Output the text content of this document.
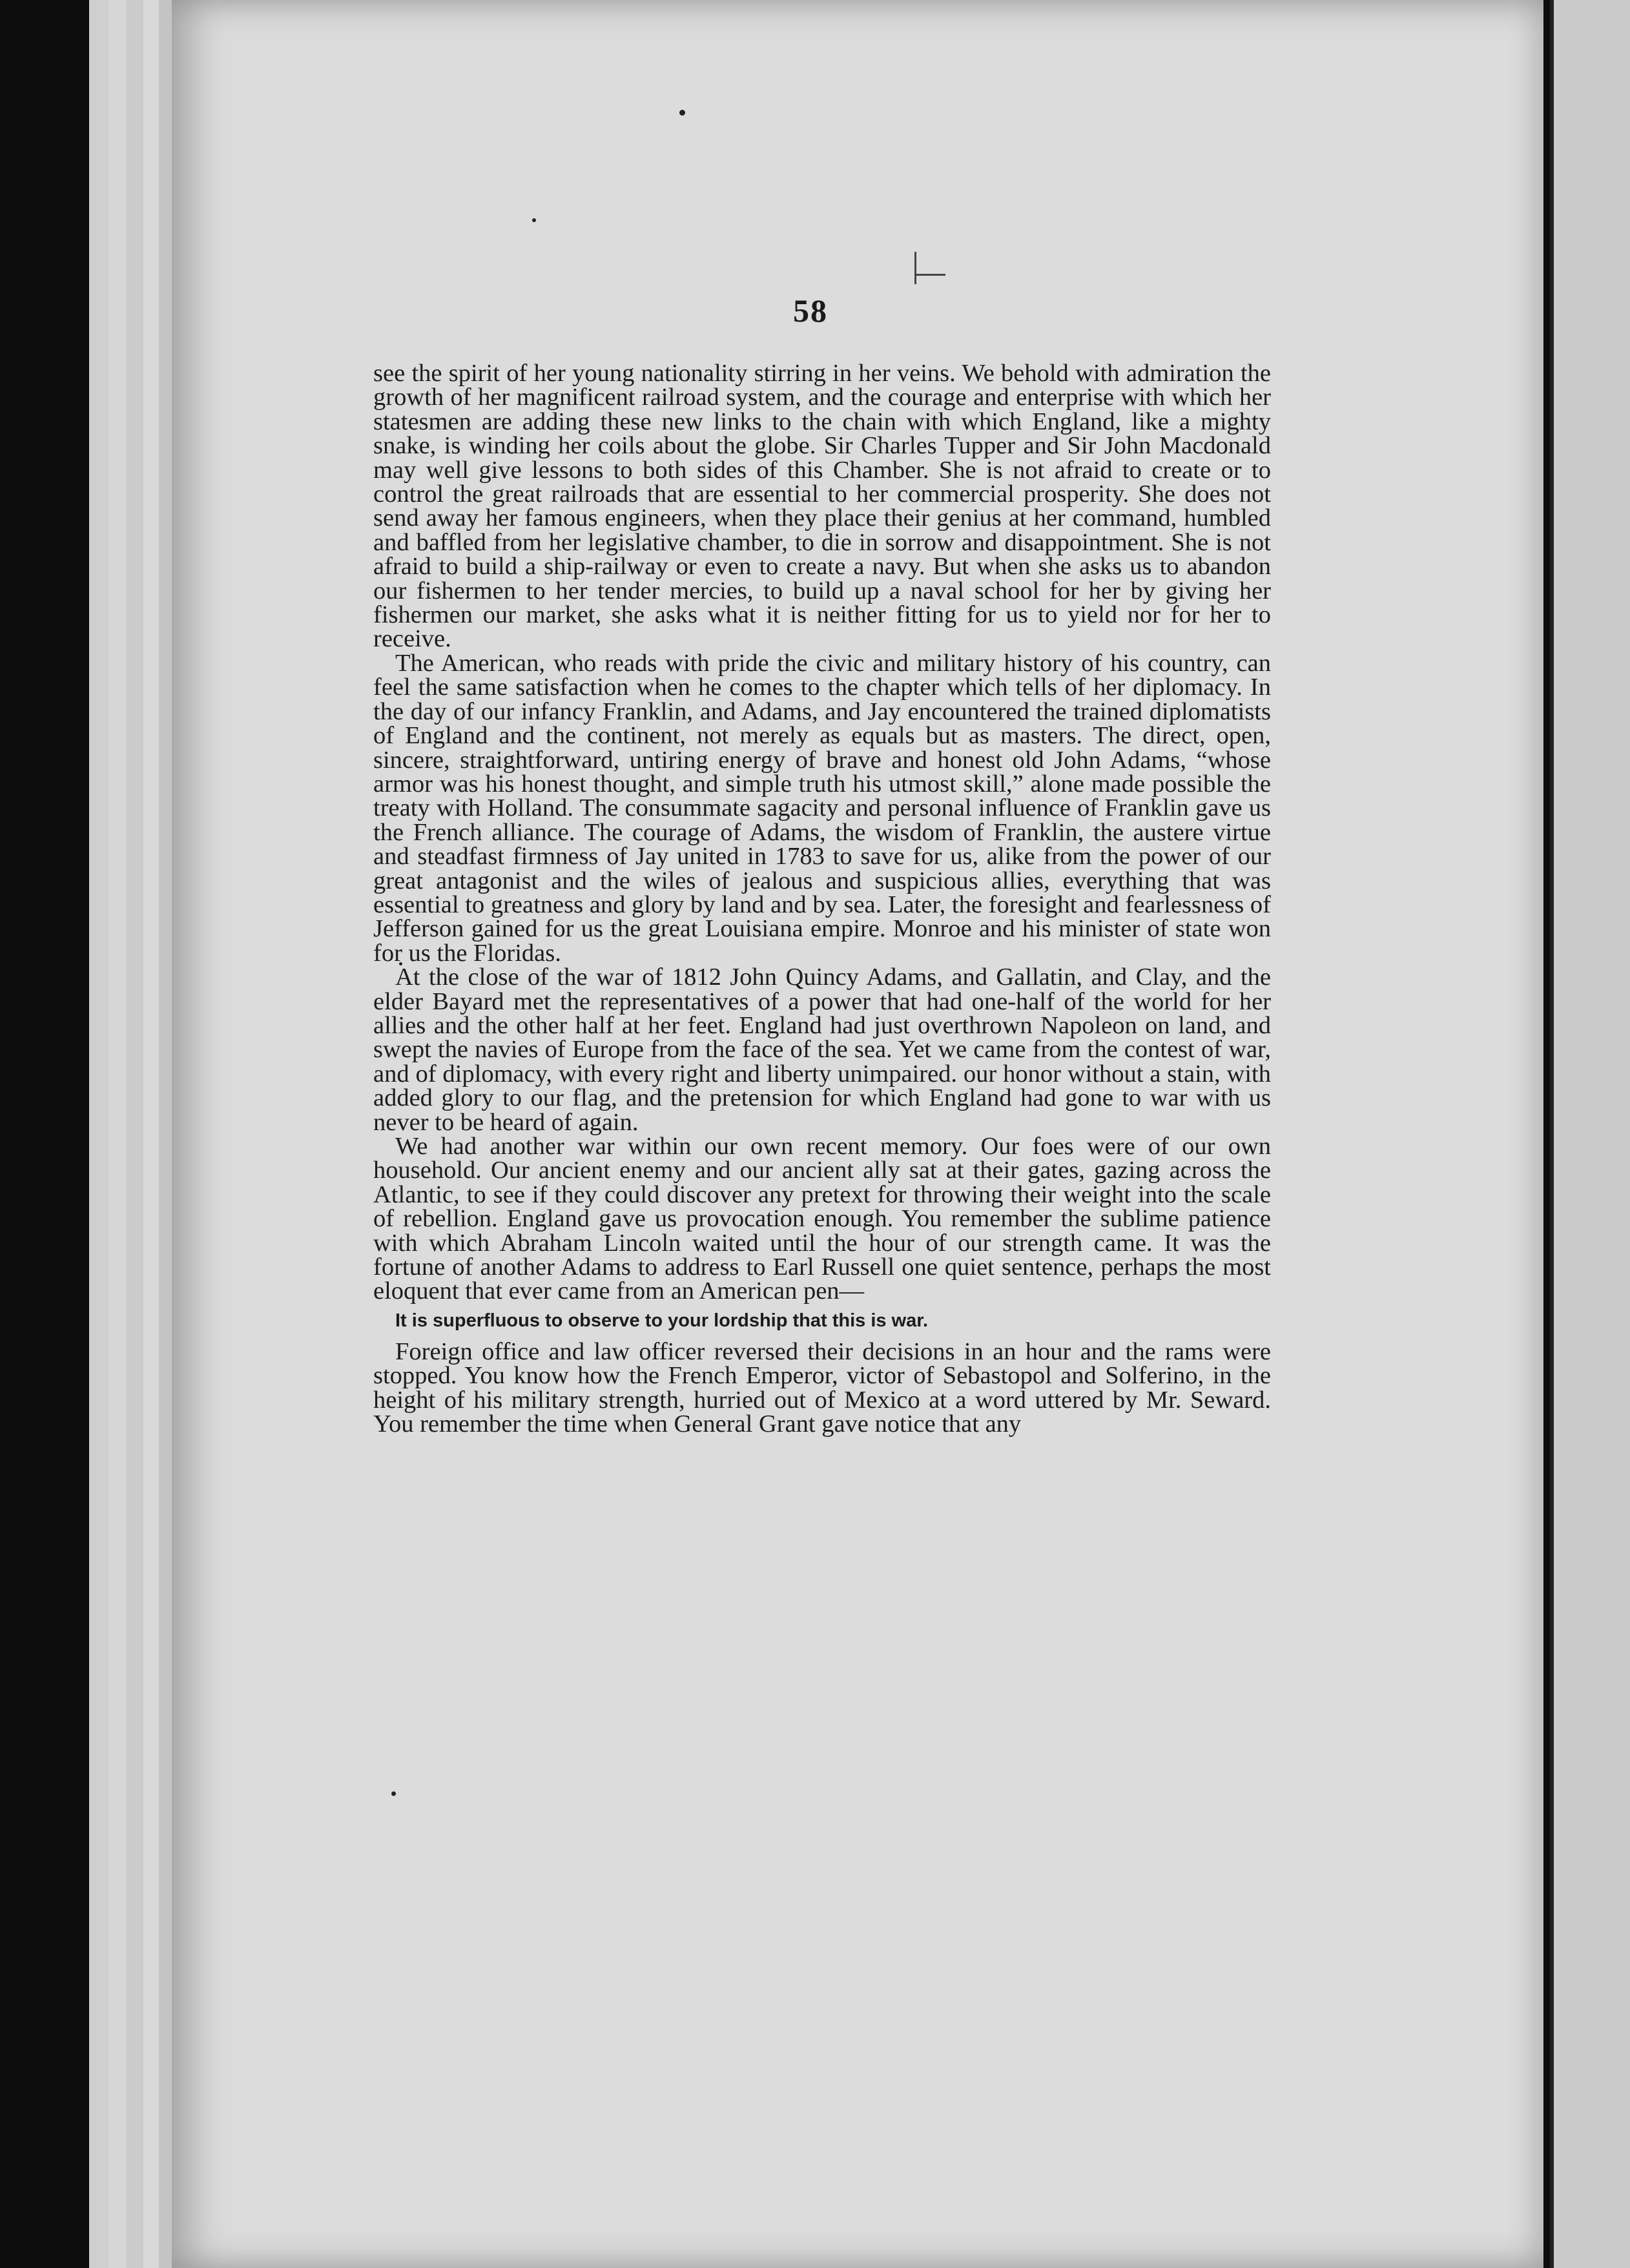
58

see the spirit of her young nationality stirring in her veins. We behold with admiration the growth of her magnificent railroad system, and the courage and enterprise with which her statesmen are adding these new links to the chain with which England, like a mighty snake, is winding her coils about the globe. Sir Charles Tupper and Sir John Macdonald may well give lessons to both sides of this Chamber. She is not afraid to create or to control the great railroads that are essential to her commercial prosperity. She does not send away her famous engineers, when they place their genius at her command, humbled and baffled from her legislative chamber, to die in sorrow and disappointment. She is not afraid to build a ship-railway or even to create a navy. But when she asks us to abandon our fishermen to her tender mercies, to build up a naval school for her by giving her fishermen our market, she asks what it is neither fitting for us to yield nor for her to receive.

The American, who reads with pride the civic and military history of his country, can feel the same satisfaction when he comes to the chapter which tells of her diplomacy. In the day of our infancy Franklin, and Adams, and Jay encountered the trained diplomatists of England and the continent, not merely as equals but as masters. The direct, open, sincere, straightforward, untiring energy of brave and honest old John Adams, “whose armor was his honest thought, and simple truth his utmost skill,” alone made possible the treaty with Holland. The consummate sagacity and personal influence of Franklin gave us the French alliance. The courage of Adams, the wisdom of Franklin, the austere virtue and steadfast firmness of Jay united in 1783 to save for us, alike from the power of our great antagonist and the wiles of jealous and suspicious allies, everything that was essential to greatness and glory by land and by sea. Later, the foresight and fearlessness of Jefferson gained for us the great Louisiana empire. Monroe and his minister of state won for us the Floridas.

At the close of the war of 1812 John Quincy Adams, and Gallatin, and Clay, and the elder Bayard met the representatives of a power that had one-half of the world for her allies and the other half at her feet. England had just overthrown Napoleon on land, and swept the navies of Europe from the face of the sea. Yet we came from the contest of war, and of diplomacy, with every right and liberty unimpaired. our honor without a stain, with added glory to our flag, and the pretension for which England had gone to war with us never to be heard of again.

We had another war within our own recent memory. Our foes were of our own household. Our ancient enemy and our ancient ally sat at their gates, gazing across the Atlantic, to see if they could discover any pretext for throwing their weight into the scale of rebellion. England gave us provocation enough. You remember the sublime patience with which Abraham Lincoln waited until the hour of our strength came. It was the fortune of another Adams to address to Earl Russell one quiet sentence, perhaps the most eloquent that ever came from an American pen—

It is superfluous to observe to your lordship that this is war.

Foreign office and law officer reversed their decisions in an hour and the rams were stopped. You know how the French Emperor, victor of Sebastopol and Solferino, in the height of his military strength, hurried out of Mexico at a word uttered by Mr. Seward. You remember the time when General Grant gave notice that any
